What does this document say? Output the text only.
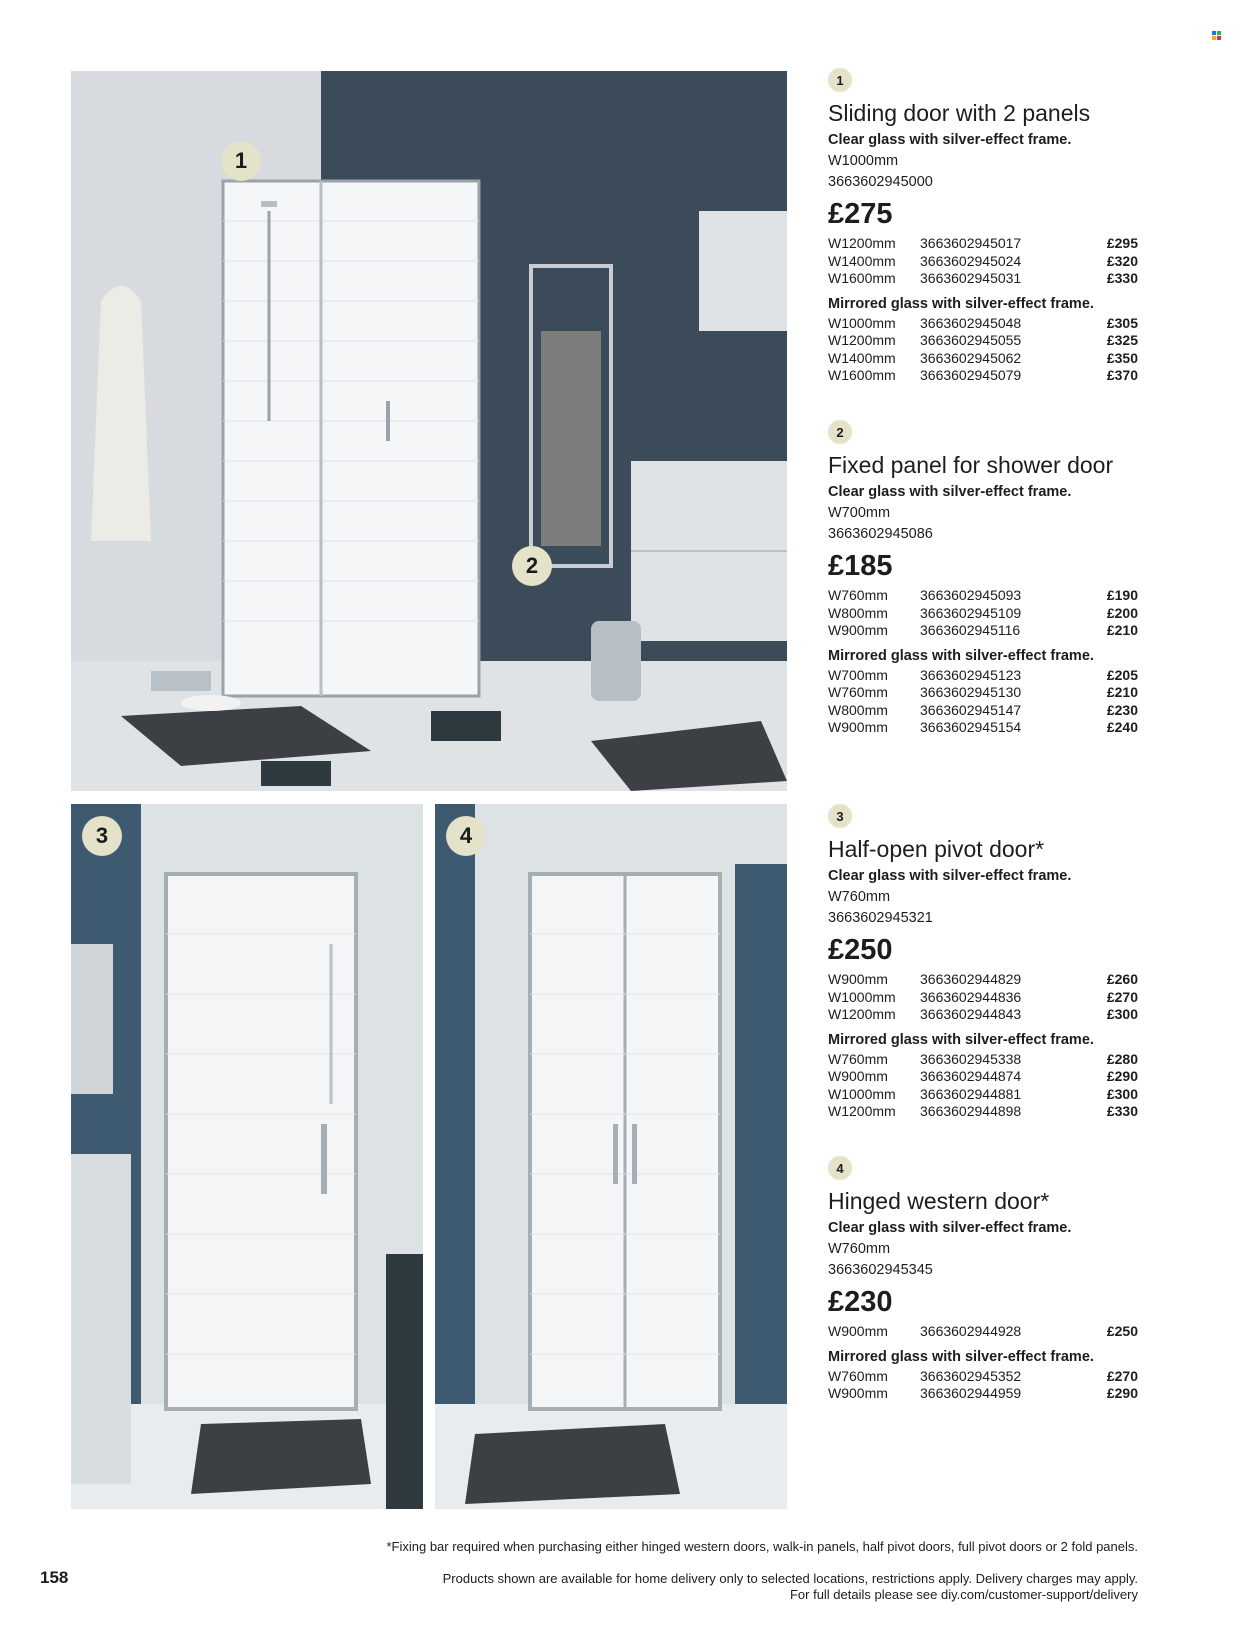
1
2
3	4
1
Sliding door with 2 panels
Clear glass with silver-effect frame.
W1000mm
3663602945000
£275
W1200mm	3663602945017	£295
W1400mm	3663602945024	£320
W1600mm	3663602945031	£330
Mirrored glass with silver-effect frame.
W1000mm	3663602945048	£305
W1200mm	3663602945055	£325
W1400mm	3663602945062	£350
W1600mm	3663602945079	£370
2
Fixed panel for shower door
Clear glass with silver-effect frame.
W700mm
3663602945086
£185
W760mm	3663602945093	£190
W800mm	3663602945109	£200
W900mm	3663602945116	£210
Mirrored glass with silver-effect frame.
W700mm	3663602945123	£205
W760mm	3663602945130	£210
W800mm	3663602945147	£230
W900mm	3663602945154	£240
3
Half-open pivot door*
Clear glass with silver-effect frame.
W760mm
3663602945321
£250
W900mm	3663602944829	£260
W1000mm	3663602944836	£270
W1200mm	3663602944843	£300
Mirrored glass with silver-effect frame.
W760mm	3663602945338	£280
W900mm	3663602944874	£290
W1000mm	3663602944881	£300
W1200mm	3663602944898	£330
4
Hinged western door*
Clear glass with silver-effect frame.
W760mm
3663602945345
£230
W900mm	3663602944928	£250
Mirrored glass with silver-effect frame.
W760mm	3663602945352	£270
W900mm	3663602944959	£290
*Fixing bar required when purchasing either hinged western doors, walk-in panels, half pivot doors, full pivot doors or 2 fold panels.
Products shown are available for home delivery only to selected locations, restrictions apply. Delivery charges may apply.
For full details please see diy.com/customer-support/delivery
158
